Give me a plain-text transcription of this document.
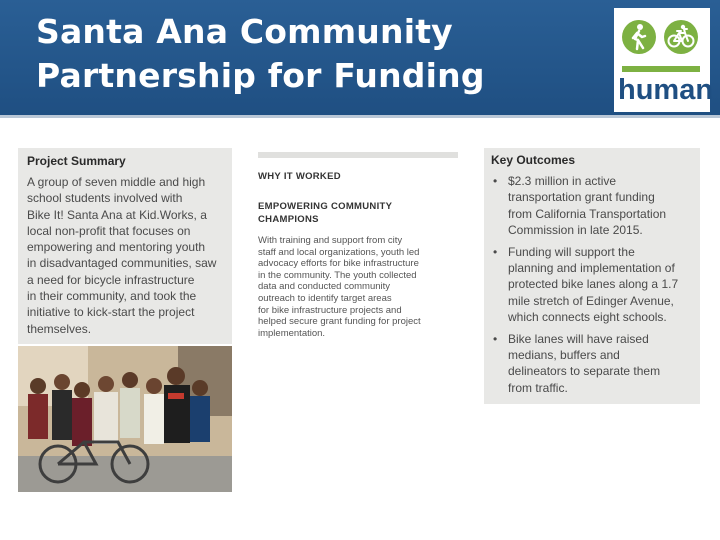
Santa Ana Community
Partnership for Funding	human
Project Summary
A group of seven middle and high
school students involved with
Bike It! Santa Ana at Kid.Works, a
local non-profit that focuses on
empowering and mentoring youth
in disadvantaged communities, saw
a need for bicycle infrastructure
in their community, and took the
initiative to kick-start the project
themselves.
WHY IT WORKED
EMPOWERING COMMUNITY
CHAMPIONS
With training and support from city
staff and local organizations, youth led
advocacy efforts for bike infrastructure
in the community. The youth collected
data and conducted community
outreach to identify target areas
for bike infrastructure projects and
helped secure grant funding for project
implementation.
Key Outcomes
• $2.3 million in active
transportation grant funding
from California Transportation
Commission in late 2015.
• Funding will support the
planning and implementation of
protected bike lanes along a 1.7
mile stretch of Edinger Avenue,
which connects eight schools.
• Bike lanes will have raised
medians, buffers and
delineators to separate them
from traffic.
